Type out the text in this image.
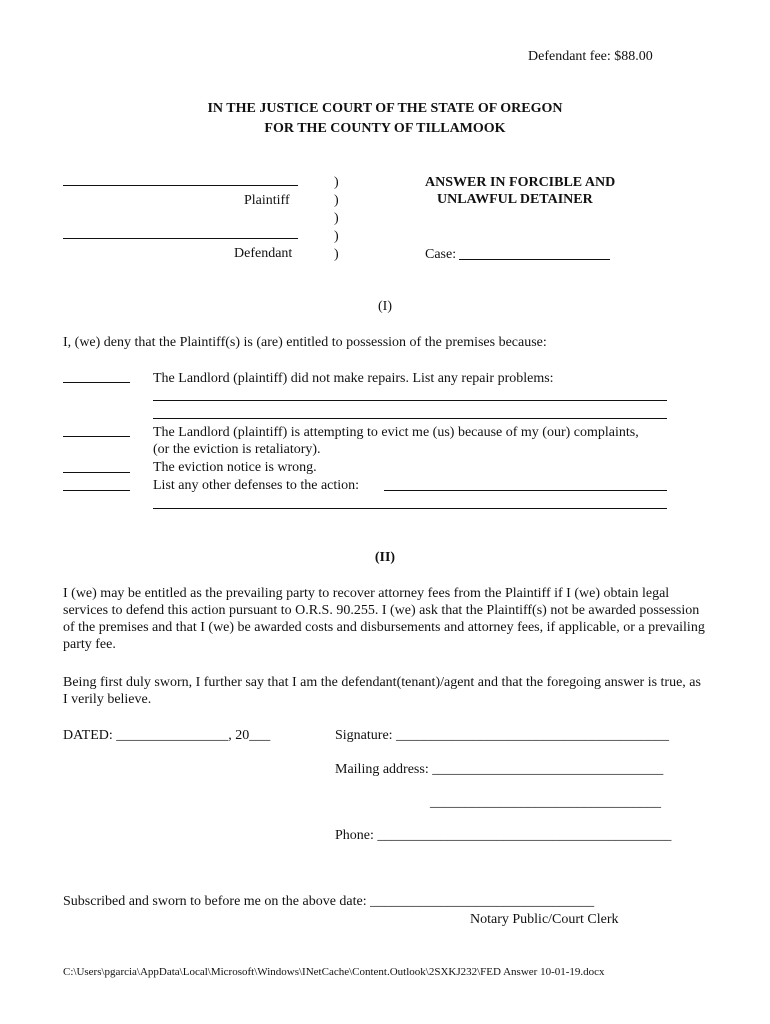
Defendant fee: $88.00
IN THE JUSTICE COURT OF THE STATE OF OREGON
FOR THE COUNTY OF TILLAMOOK
Plaintiff
Defendant
)
)
)
)
)
ANSWER IN FORCIBLE AND
UNLAWFUL DETAINER
Case:
(I)
I, (we) deny that the Plaintiff(s) is (are) entitled to possession of the premises because:
The Landlord (plaintiff) did not make repairs. List any repair problems:
The Landlord (plaintiff) is attempting to evict me (us) because of my (our) complaints,
(or the eviction is retaliatory).
The eviction notice is wrong.
List any other defenses to the action:
(II)
I (we) may be entitled as the prevailing party to recover attorney fees from the Plaintiff if I (we) obtain legal services to defend this action pursuant to O.R.S. 90.255. I (we) ask that the Plaintiff(s) not be awarded possession of the premises and that I (we) be awarded costs and disbursements and attorney fees, if applicable, or a prevailing party fee.
Being first duly sworn, I further say that I am the defendant(tenant)/agent and that the foregoing answer is true, as I verily believe.
DATED: ________________, 20___	Signature: _______________________________________
Mailing address: _________________________________
_________________________________
Phone: __________________________________________
Subscribed and sworn to before me on the above date: ________________________________
Notary Public/Court Clerk
C:\Users\pgarcia\AppData\Local\Microsoft\Windows\INetCache\Content.Outlook\2SXKJ232\FED Answer 10-01-19.docx
